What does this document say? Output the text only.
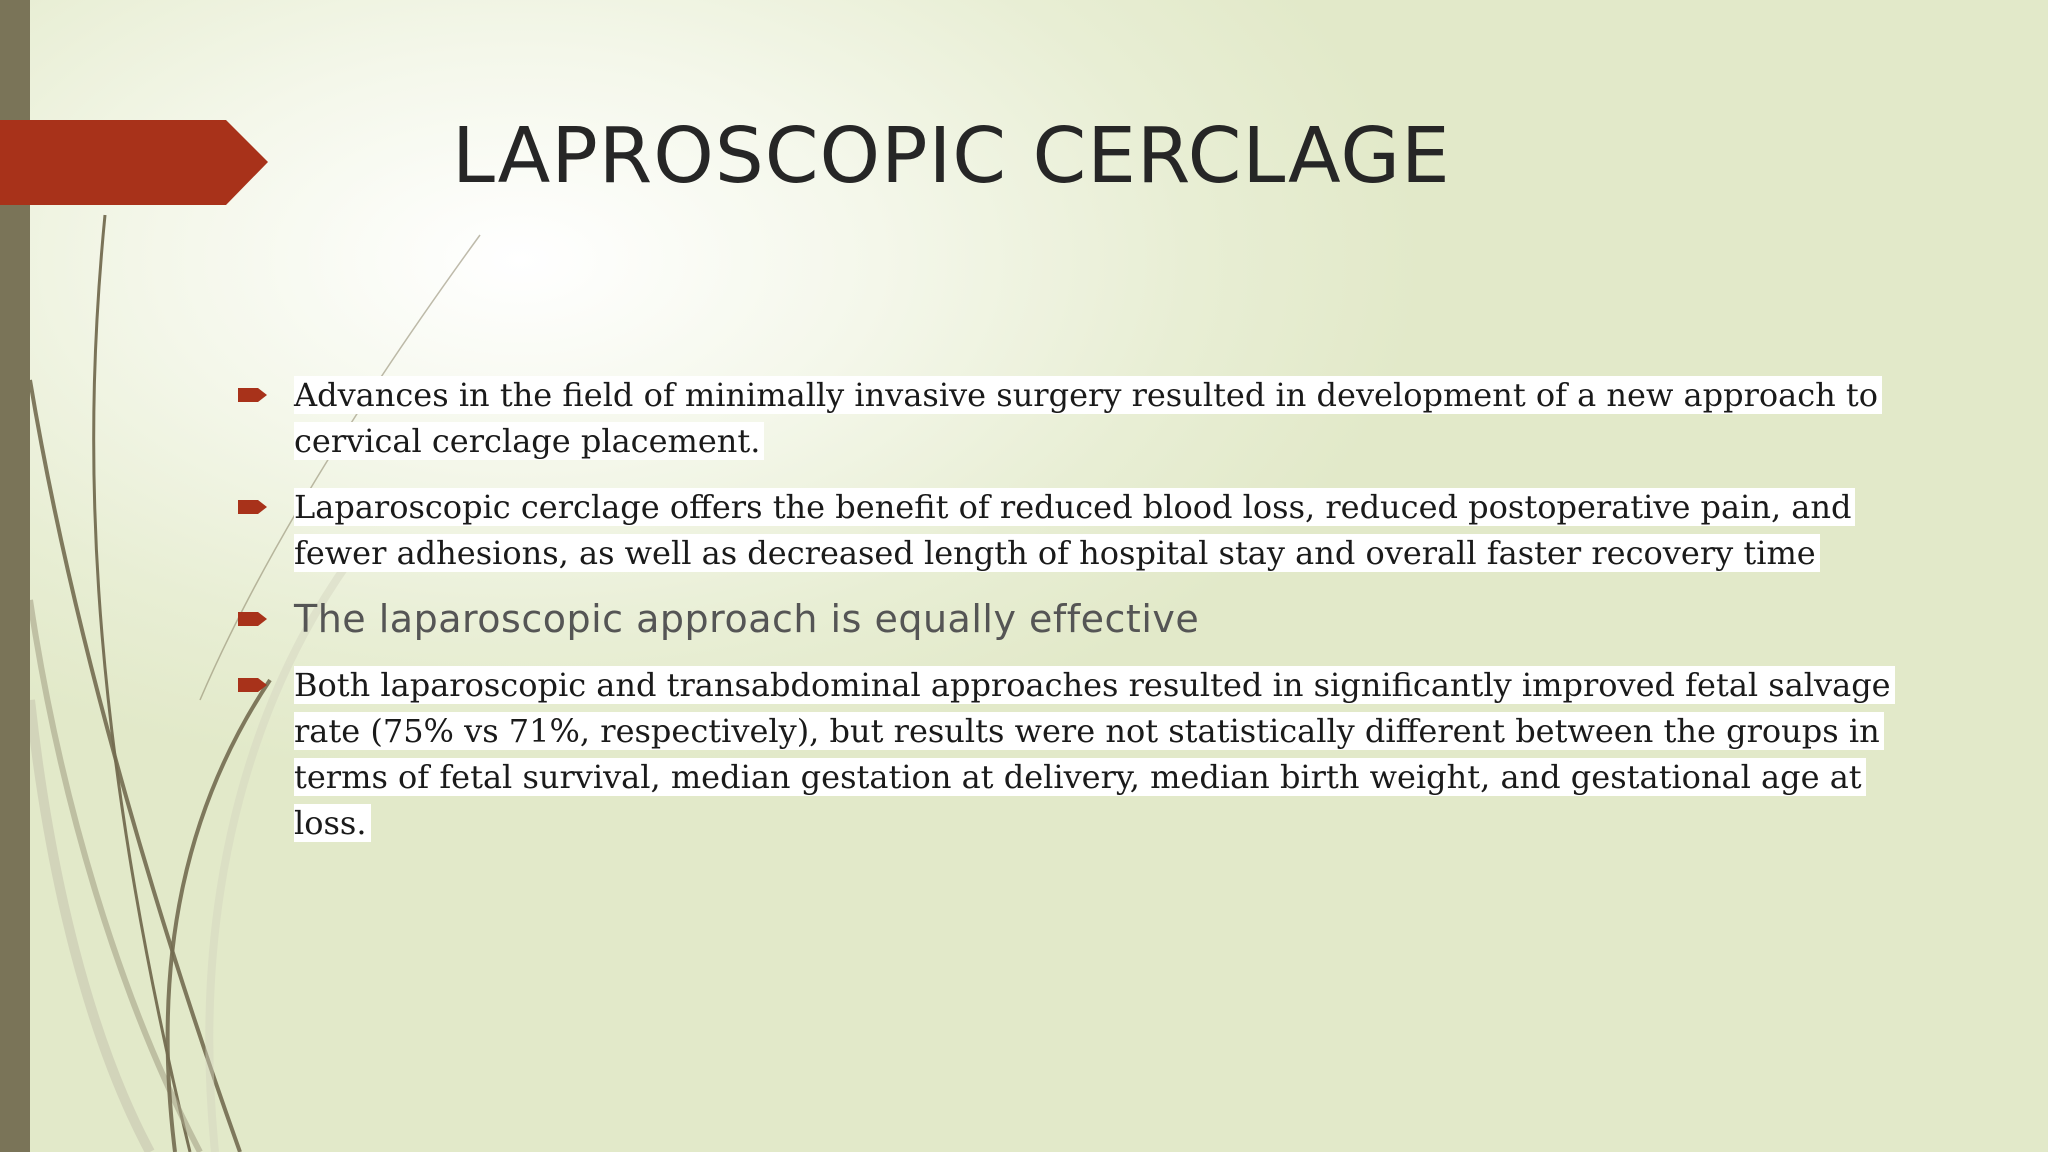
LAPROSCOPIC CERCLAGE
Advances in the field of minimally invasive surgery resulted in development of a new approach to cervical cerclage placement.
Laparoscopic cerclage offers the benefit of reduced blood loss, reduced postoperative pain, and fewer adhesions, as well as decreased length of hospital stay and overall faster recovery time
The laparoscopic approach is equally effective
Both laparoscopic and transabdominal approaches resulted in significantly improved fetal salvage rate (75% vs 71%, respectively), but results were not statistically different between the groups in terms of fetal survival, median gestation at delivery, median birth weight, and gestational age at loss.
